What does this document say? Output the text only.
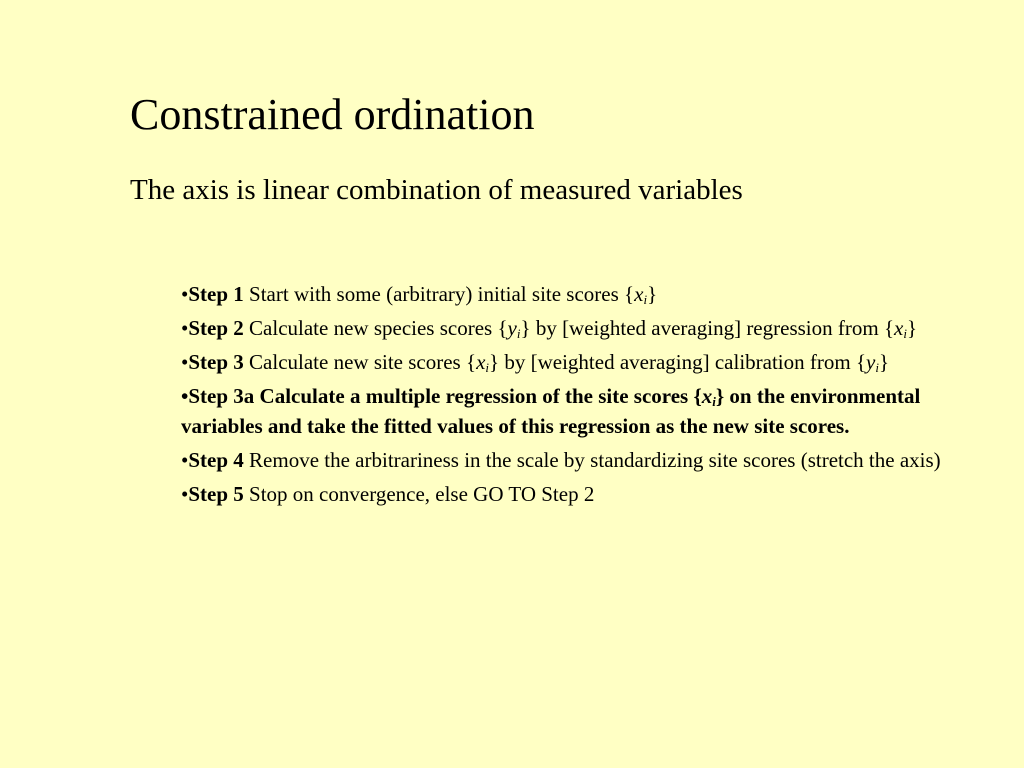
Constrained ordination
The axis is linear combination of measured variables
•Step 1 Start with some (arbitrary) initial site scores $\{x_i\}$
•Step 2 Calculate new species scores $\{y_i\}$ by [weighted averaging] regression from $\{x_i\}$
•Step 3 Calculate new site scores $\{x_i\}$ by [weighted averaging] calibration from $\{y_i\}$
•Step 3a Calculate a multiple regression of the site scores $\{x_i\}$ on the environmental variables and take the fitted values of this regression as the new site scores.
•Step 4 Remove the arbitrariness in the scale by standardizing site scores (stretch the axis)
•Step 5 Stop on convergence, else GO TO Step 2
